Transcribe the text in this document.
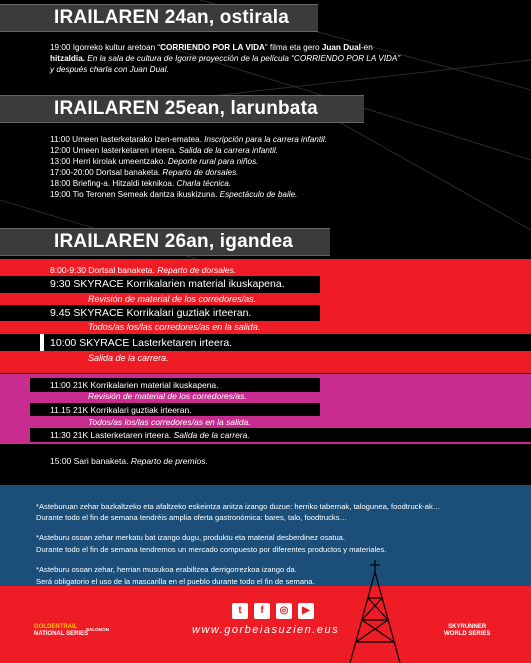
IRAILAREN 24an, ostirala
19:00 Igorreko kultur aretoan “CORRIENDO POR LA VIDA” filma eta gero Juan Dual-en
hitzaldia. En la sala de cultura de Igorre proyección de la película “CORRIENDO POR LA VIDA”
y después charla con Juan Dual.
IRAILAREN 25ean, larunbata
11:00 Umeen lasterketarako izen-ematea. Inscripción para la carrera infantil.
12:00 Umeen lasterketaren irteera. Salida de la carrera infantil.
13:00 Herri kirolak umeentzako. Deporte rural para niños.
17:00-20:00 Dortsal banaketa. Reparto de dorsales.
18:00 Briefing-a. Hitzaldi teknikoa. Charla técnica.
19:00 Tio Teronen Semeak dantza ikuskizuna. Espectáculo de baile.
IRAILAREN 26an, igandea
8:00-9:30 Dortsal banaketa. Reparto de dorsales.
9:30 SKYRACE Korrikalarien material ikuskapena.
Revisión de material de los corredores/as.
9.45 SKYRACE Korrikalari guztiak irteeran.
Todos/as los/las corredores/as en la salida.
10:00 SKYRACE Lasterketaren irteera.
Salida de la carrera.
11:00 21K Korrikalarien material ikuskapena.
Revisión de material de los corredores/as.
11.15 21K Korrikalari guztiak irteeran.
Todos/as los/las corredores/as en la salida.
11:30 21K Lasterketaren irteera. Salida de la carrera.
15:00 Sari banaketa. Reparto de premios.
*Asteburuan zehar bazkaltzeko eta afaltzeko eskeintza anitza izango duzue: herriko tabernak, talogunea, foodtruck-ak…
Durante todo el fin de semana tendréis amplia oferta gastronómica: bares, talo, foodtrucks…
*Asteburu osoan zehar merkatu bat izango dugu, produktu eta material desberdinez osatua.
Durante todo el fin de semana tendremos un mercado compuesto por diferentes productos y materiales.
*Asteburu osoan zehar, herrian musukoa erabiltzea derrigorrezkoa izango da.
Será obligatorio el uso de la mascarilla en el pueblo durante todo el fin de semana.
t	f	◎	▶
www.gorbeiasuzien.eus
GOLDENTRAIL
NATIONAL SERIES
SALOMON	SKYRUNNER
WORLD SERIES
